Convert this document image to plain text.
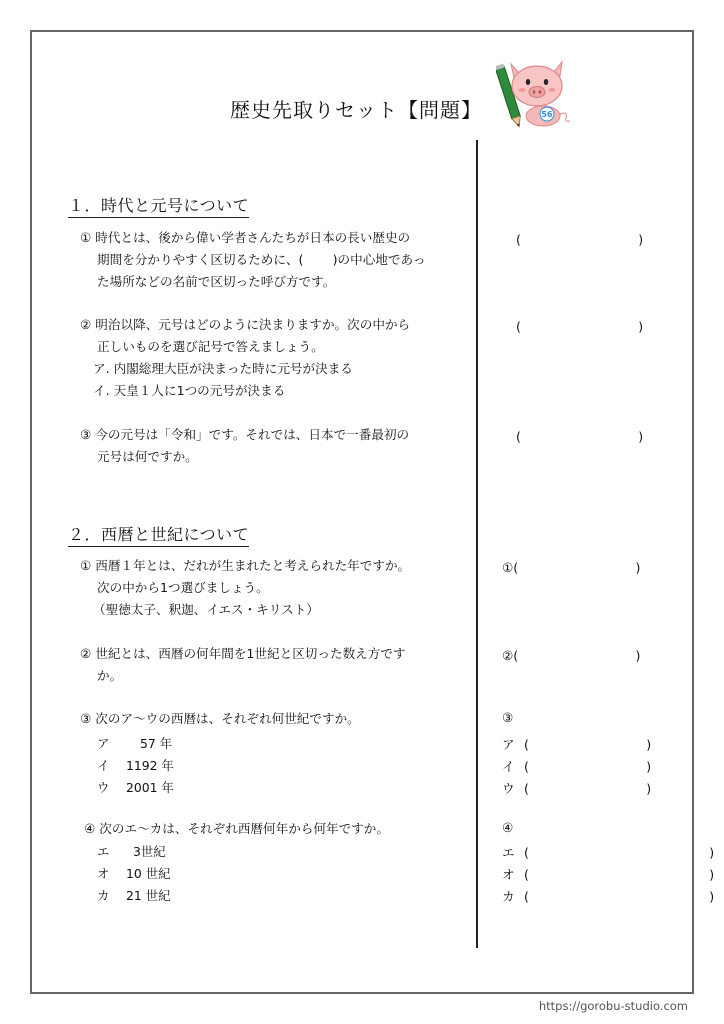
歴史先取りセット【問題】	56
１．時代と元号について
① 時代とは、後から偉い学者さんたちが日本の長い歴史の
期間を分かりやすく区切るために、(　　 )の中心地であっ
た場所などの名前で区切った呼び方です。
(　　　　　　　　　 )
② 明治以降、元号はどのように決まりますか。次の中から
正しいものを選び記号で答えましょう。
ア. 内閣総理大臣が決まった時に元号が決まる
イ. 天皇１人に1つの元号が決まる
(　　　　　　　　　 )
③ 今の元号は「令和」です。それでは、日本で一番最初の
元号は何ですか。
(　　　　　　　　　 )
２．西暦と世紀について
① 西暦１年とは、だれが生まれたと考えられた年ですか。
次の中から1つ選びましょう。
（聖徳太子、釈迦、イエス・キリスト）
①(　　　　　　　　　 )
② 世紀とは、西暦の何年間を1世紀と区切った数え方です
か。
②(　　　　　　　　　 )
③ 次のア～ウの西暦は、それぞれ何世紀ですか。
ア 57 年
イ 1192 年
ウ 2001 年
③
ア (　　　　　　　　　 )
イ (　　　　　　　　　 )
ウ (　　　　　　　　　 )
④ 次のエ～カは、それぞれ西暦何年から何年ですか。
エ 3世紀
オ 10 世紀
カ 21 世紀
④
エ (　　　　　　　　　　　　　　 )
オ (　　　　　　　　　　　　　　 )
カ (　　　　　　　　　　　　　　 )
https://gorobu-studio.com
